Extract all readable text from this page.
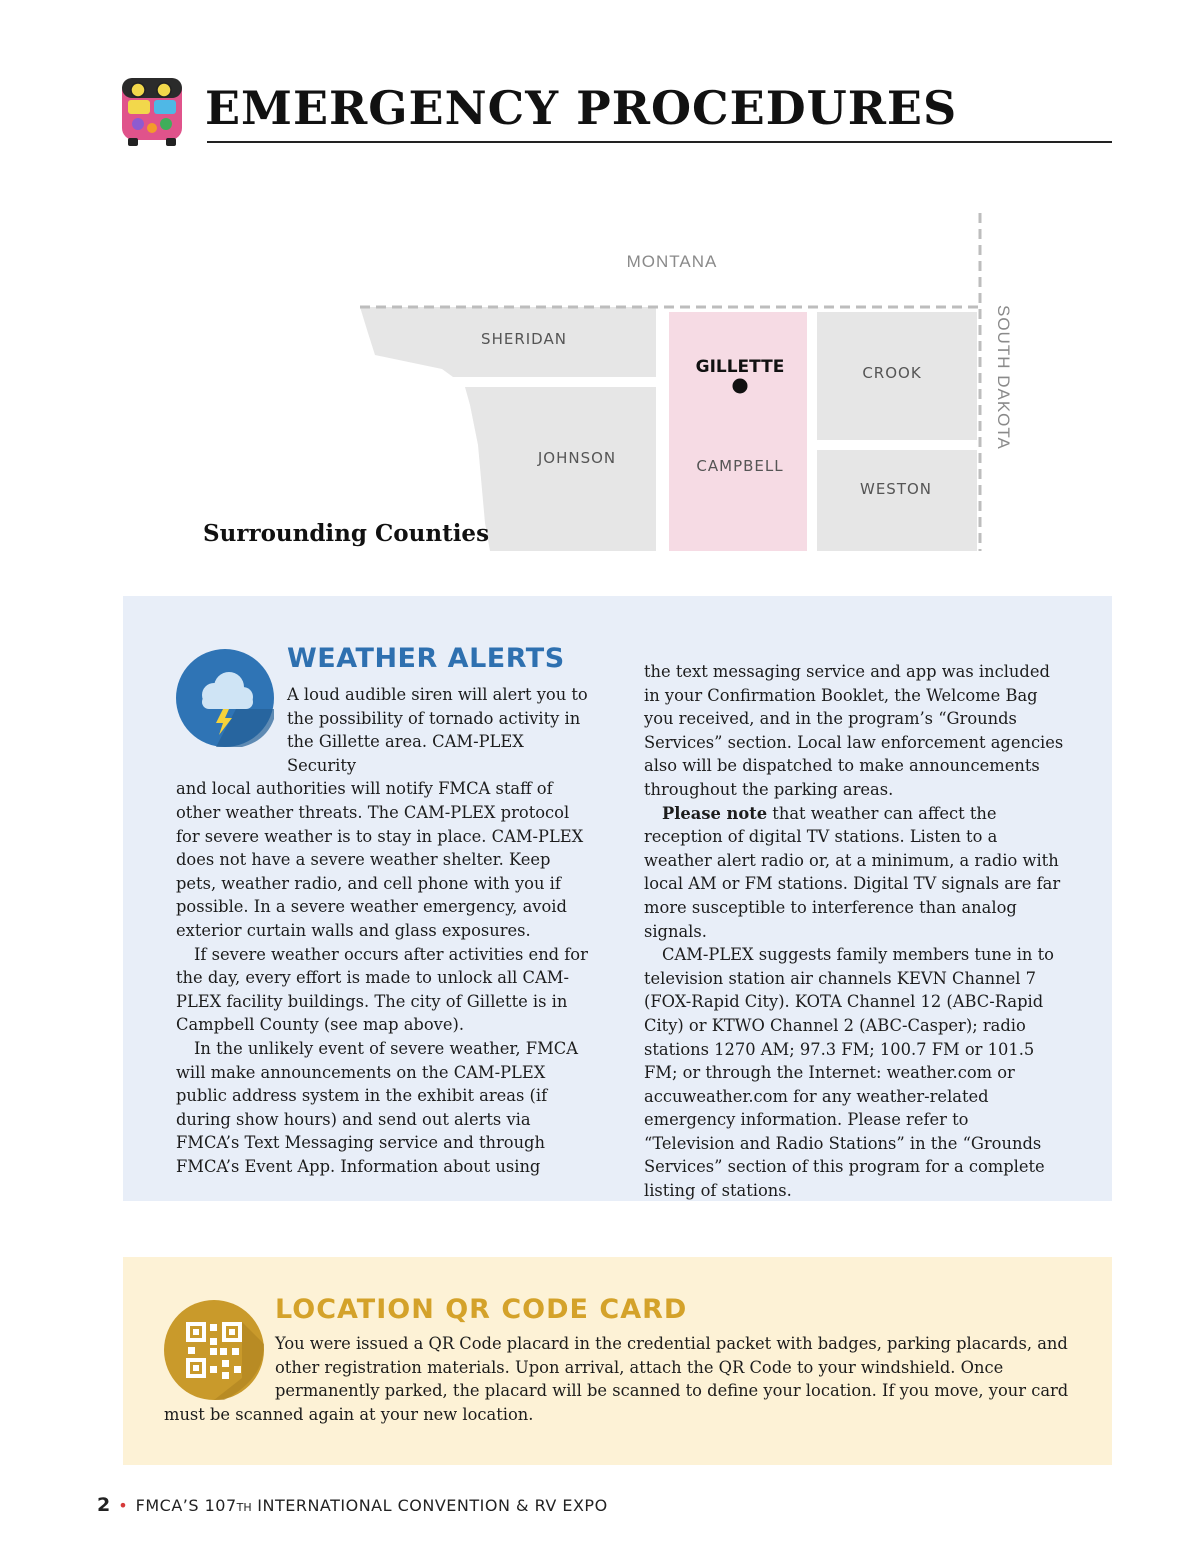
EMERGENCY PROCEDURES
MONTANA
SHERIDAN
JOHNSON
GILLETTE
CAMPBELL
CROOK
WESTON
SOUTH DAKOTA
Surrounding Counties
WEATHER ALERTS

A loud audible siren will alert you to the possibility of tornado activity in the Gillette area. CAM-PLEX Security
and local authorities will notify FMCA staff of other weather threats. The CAM-PLEX protocol for severe weather is to stay in place. CAM-PLEX does not have a severe weather shelter. Keep pets, weather radio, and cell phone with you if possible. In a severe weather emergency, avoid exterior curtain walls and glass exposures.

If severe weather occurs after activities end for the day, every effort is made to unlock all CAM-PLEX facility buildings. The city of Gillette is in Campbell County (see map above).

In the unlikely event of severe weather, FMCA will make announcements on the CAM-PLEX public address system in the exhibit areas (if during show hours) and send out alerts via FMCA’s Text Messaging service and through FMCA’s Event App. Information about using

the text messaging service and app was included in your Confirmation Booklet, the Welcome Bag you received, and in the program’s “Grounds Services” section. Local law enforcement agencies also will be dispatched to make announcements throughout the parking areas.

Please note that weather can affect the reception of digital TV stations. Listen to a weather alert radio or, at a minimum, a radio with local AM or FM stations. Digital TV signals are far more susceptible to interference than analog signals.

CAM-PLEX suggests family members tune in to television station air channels KEVN Channel 7 (FOX-Rapid City). KOTA Channel 12 (ABC-Rapid City) or KTWO Channel 2 (ABC-Casper); radio stations 1270 AM; 97.3 FM; 100.7 FM or 101.5 FM; or through the Internet: weather.com or accuweather.com for any weather-related emergency information. Please refer to “Television and Radio Stations” in the “Grounds Services” section of this program for a complete listing of stations.

LOCATION QR CODE CARD
You were issued a QR Code placard in the credential packet with badges, parking placards, and other registration materials. Upon arrival, attach the QR Code to your windshield. Once permanently parked, the placard will be scanned to define your location. If you move, your card
must be scanned again at your new location.
2 • FMCA’S 107TH INTERNATIONAL CONVENTION & RV EXPO
